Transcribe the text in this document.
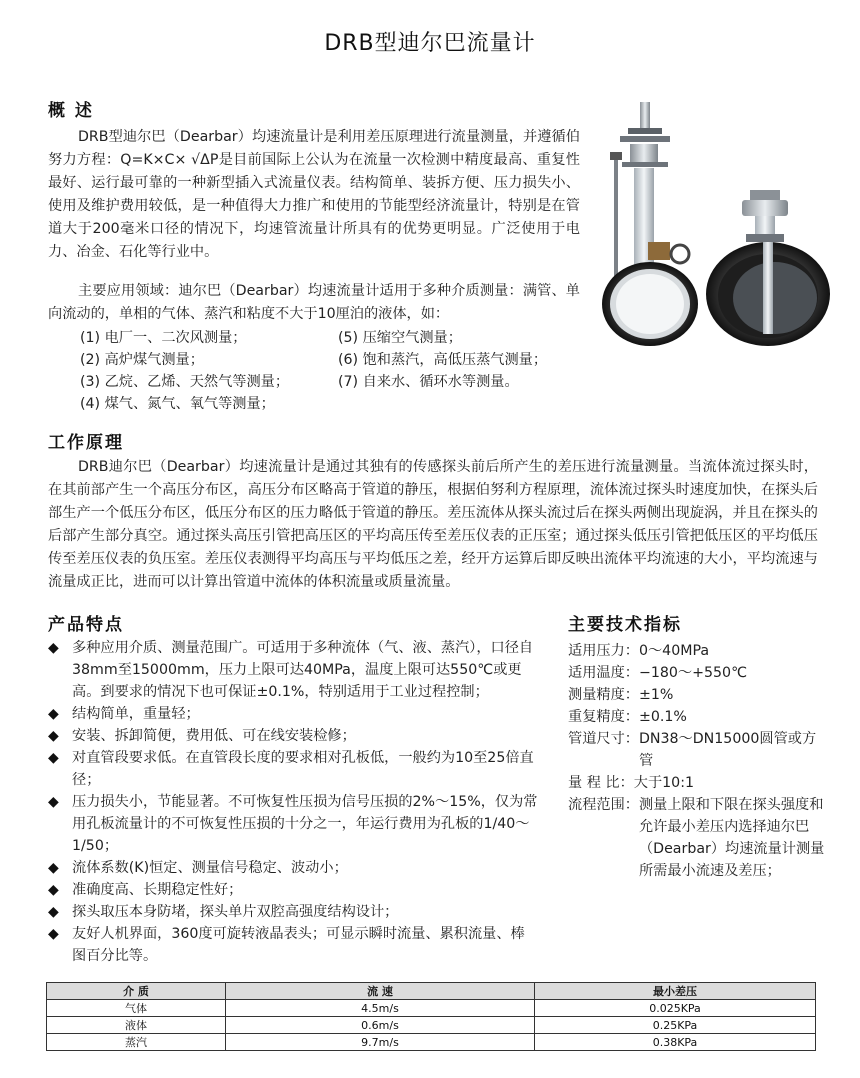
DRB型迪尔巴流量计
概 述
DRB型迪尔巴（Dearbar）均速流量计是利用差压原理进行流量测量，并遵循伯努力方程：Q=K×C× √ΔP是目前国际上公认为在流量一次检测中精度最高、重复性最好、运行最可靠的一种新型插入式流量仪表。结构简单、装拆方便、压力损失小、使用及维护费用较低，是一种值得大力推广和使用的节能型经济流量计，特别是在管道大于200毫米口径的情况下，均速管流量计所具有的优势更明显。广泛使用于电力、冶金、石化等行业中。
主要应用领域：迪尔巴（Dearbar）均速流量计适用于多种介质测量：满管、单向流动的，单相的气体、蒸汽和粘度不大于10厘泊的液体，如：
(1) 电厂一、二次风测量；	(5) 压缩空气测量；
(2) 高炉煤气测量；	(6) 饱和蒸汽，高低压蒸气测量；
(3) 乙烷、乙烯、天然气等测量；	(7) 自来水、循环水等测量。
(4) 煤气、氮气、氧气等测量；
工作原理
DRB迪尔巴（Dearbar）均速流量计是通过其独有的传感探头前后所产生的差压进行流量测量。当流体流过探头时，在其前部产生一个高压分布区，高压分布区略高于管道的静压，根据伯努利方程原理，流体流过探头时速度加快，在探头后部生产一个低压分布区，低压分布区的压力略低于管道的静压。差压流体从探头流过后在探头两侧出现旋涡，并且在探头的后部产生部分真空。通过探头高压引管把高压区的平均高压传至差压仪表的正压室；通过探头低压引管把低压区的平均低压传至差压仪表的负压室。差压仪表测得平均高压与平均低压之差，经开方运算后即反映出流体平均流速的大小，平均流速与流量成正比，进而可以计算出管道中流体的体积流量或质量流量。
产品特点
◆ 多种应用介质、测量范围广。可适用于多种流体（气、液、蒸汽），口径自38mm至15000mm，压力上限可达40MPa，温度上限可达550℃或更高。到要求的情况下也可保证±0.1%，特别适用于工业过程控制；
◆ 结构简单，重量轻；
◆ 安装、拆卸简便，费用低、可在线安装检修；
◆ 对直管段要求低。在直管段长度的要求相对孔板低，一般约为10至25倍直径；
◆ 压力损失小，节能显著。不可恢复性压损为信号压损的2%～15%，仅为常用孔板流量计的不可恢复性压损的十分之一，年运行费用为孔板的1/40～1/50；
◆ 流体系数(K)恒定、测量信号稳定、波动小；
◆ 准确度高、长期稳定性好；
◆ 探头取压本身防堵，探头单片双腔高强度结构设计；
◆ 友好人机界面，360度可旋转液晶表头；可显示瞬时流量、累积流量、棒图百分比等。
主要技术指标
适用压力： 0～40MPa
适用温度： −180～+550℃
测量精度： ±1%
重复精度： ±0.1%
管道尺寸： DN38～DN15000圆管或方管
量 程 比： 大于10:1
流程范围： 测量上限和下限在探头强度和允许最小差压内选择迪尔巴（Dearbar）均速流量计测量所需最小流速及差压；
介 质	流 速	最小差压
气体	4.5m/s	0.025KPa
液体	0.6m/s	0.25KPa
蒸汽	9.7m/s	0.38KPa
